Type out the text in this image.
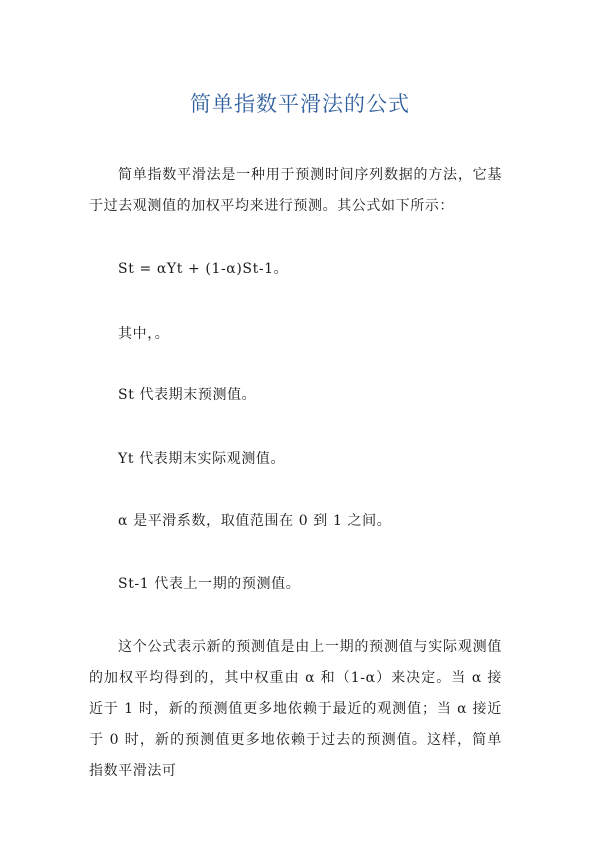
简单指数平滑法的公式
简单指数平滑法是一种用于预测时间序列数据的方法，它基于过去观测值的加权平均来进行预测。其公式如下所示：
St = αYt + (1-α)St-1。
其中，。
St 代表期末预测值。
Yt 代表期末实际观测值。
α 是平滑系数，取值范围在 0 到 1 之间。
St-1 代表上一期的预测值。
这个公式表示新的预测值是由上一期的预测值与实际观测值的加权平均得到的，其中权重由 α 和（1-α）来决定。当 α 接近于 1 时，新的预测值更多地依赖于最近的观测值；当 α 接近于 0 时，新的预测值更多地依赖于过去的预测值。这样，简单指数平滑法可
